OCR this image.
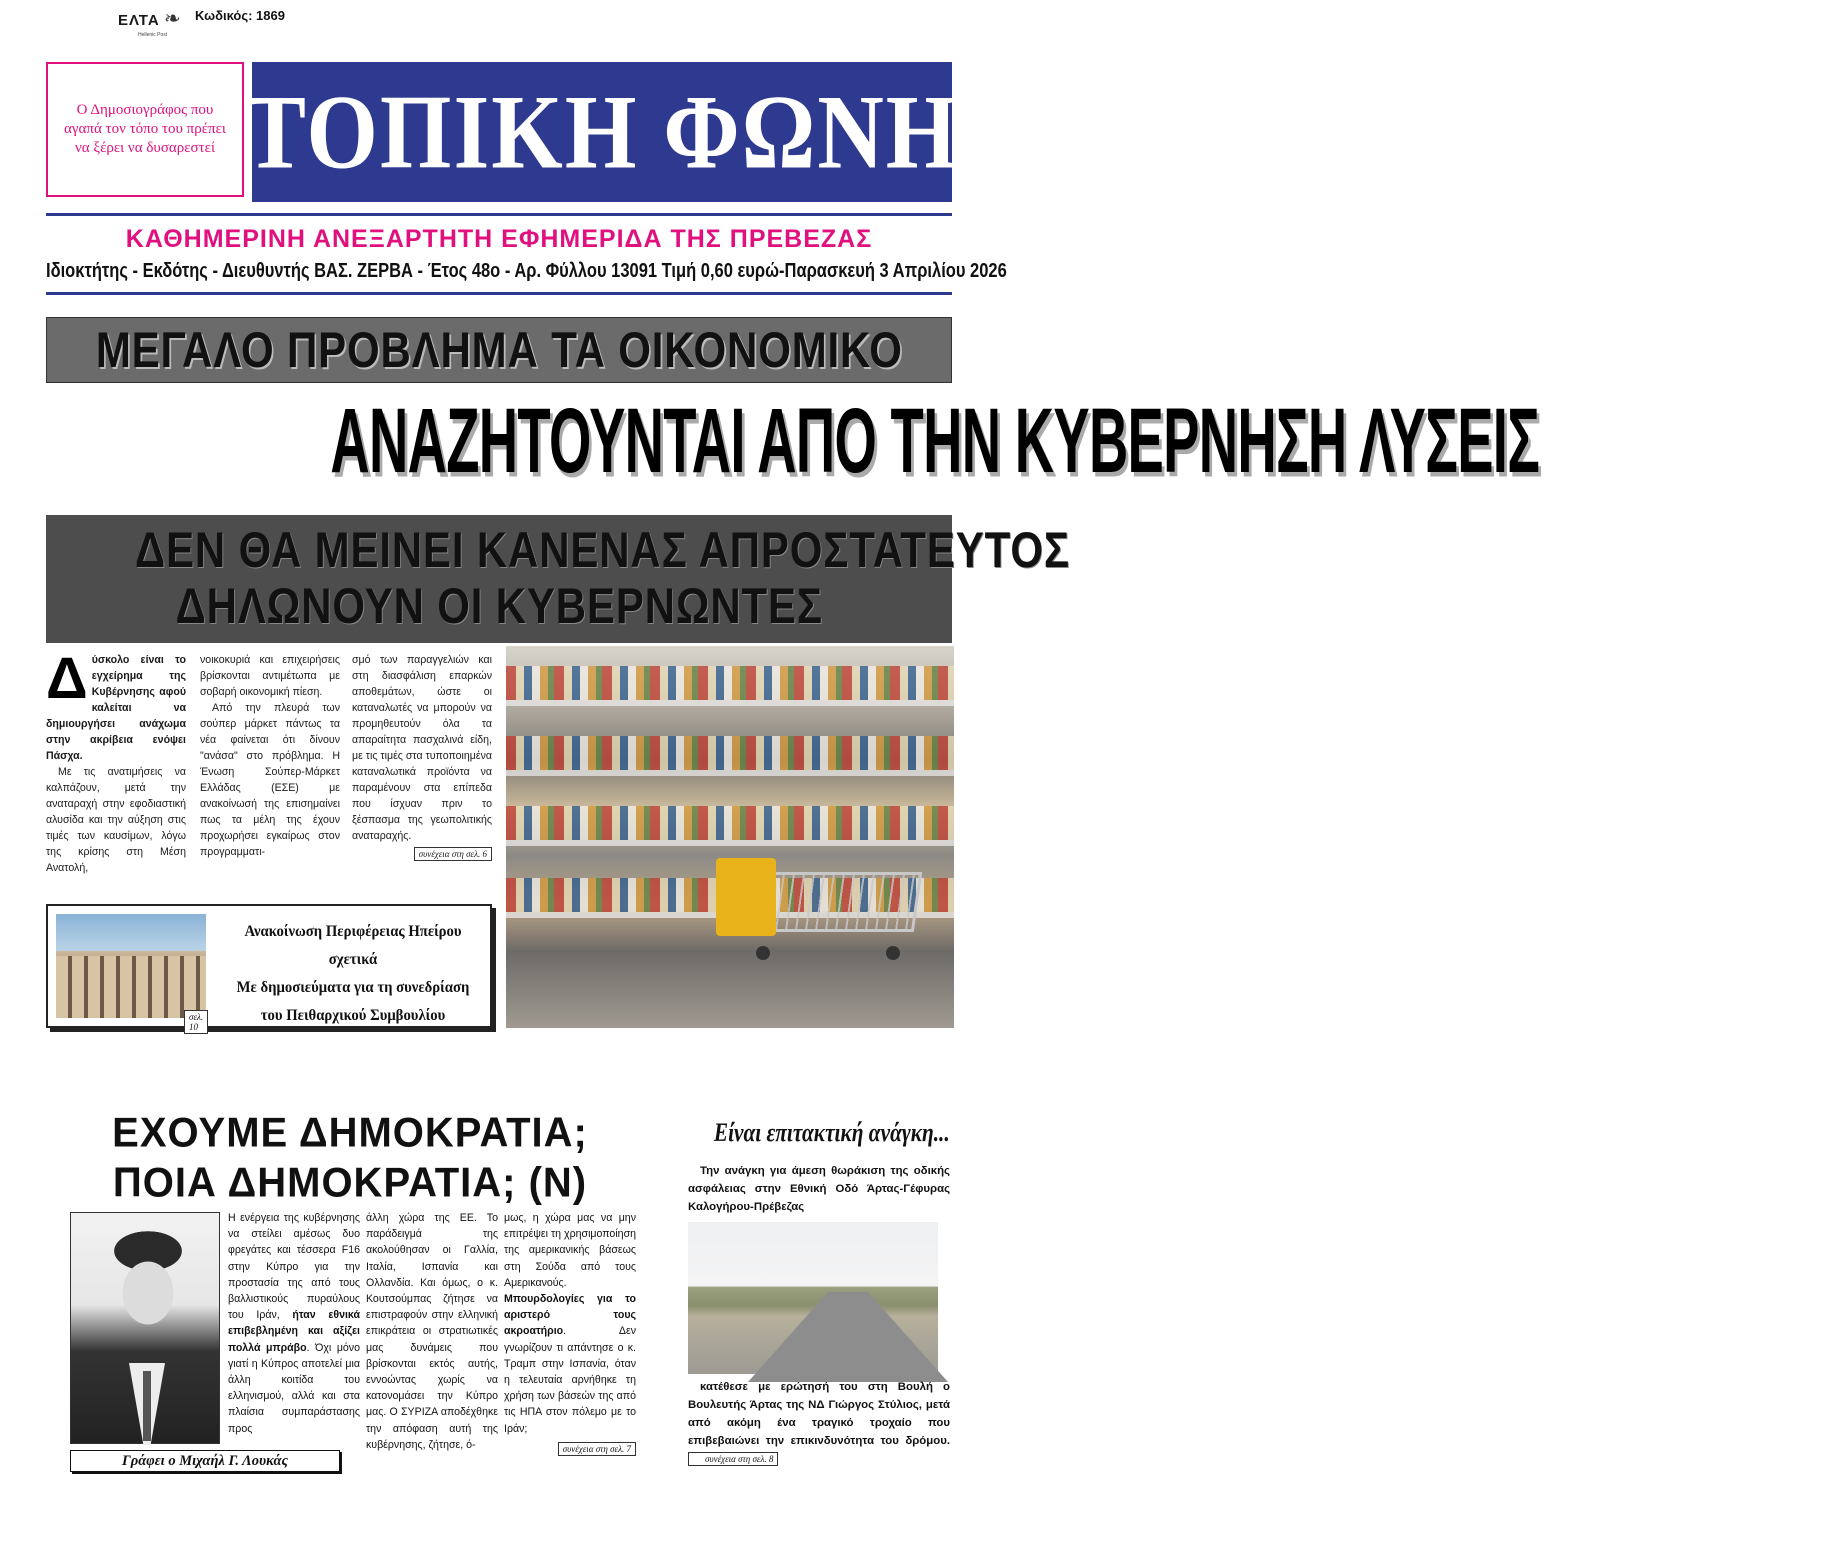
ΕΛΤΑ ❧
Hellenic Post
Κωδικός: 1869
Ο Δημοσιογράφος που αγαπά τον τόπο του πρέπει να ξέρει να δυσαρεστεί ΤΟΠΙΚΗ ΦΩΝΗ
ΚΑΘΗΜΕΡΙΝΗ ΑΝΕΞΑΡΤΗΤΗ ΕΦΗΜΕΡΙΔΑ ΤΗΣ ΠΡΕΒΕΖΑΣ
Ιδιοκτήτης - Εκδότης - Διευθυντής ΒΑΣ. ΖΕΡΒΑ - Έτος 48ο - Αρ. Φύλλου 13091 Τιμή 0,60 ευρώ-Παρασκευή 3 Απριλίου 2026
ΜΕΓΑΛΟ ΠΡΟΒΛΗΜΑ ΤΑ ΟΙΚΟΝΟΜΙΚΟ
ΑΝΑΖΗΤΟΥΝΤΑΙ ΑΠΟ ΤΗΝ ΚΥΒΕΡΝΗΣΗ ΛΥΣΕΙΣ
ΔΕΝ ΘΑ ΜΕΙΝΕΙ ΚΑΝΕΝΑΣ ΑΠΡΟΣΤΑΤΕΥΤΟΣ
ΔΗΛΩΝΟΥΝ ΟΙ ΚΥΒΕΡΝΩΝΤΕΣ
Δ ύσκολο είναι το εγχείρημα της Κυβέρνησης αφού καλείται να δημιουργήσει ανάχωμα στην ακρίβεια ενόψει Πάσχα.

Με τις ανατιμήσεις να καλπάζουν, μετά την αναταραχή στην εφοδιαστική αλυσίδα και την αύξηση στις τιμές των καυσίμων, λόγω της κρίσης στη Μέση Ανατολή,

νοικοκυριά και επιχειρήσεις βρίσκονται αντιμέτωπα με σοβαρή οικονομική πίεση.

Από την πλευρά των σούπερ μάρκετ πάντως τα νέα φαίνεται ότι δίνουν "ανάσα" στο πρόβλημα. Η Ένωση Σούπερ-Μάρκετ Ελλάδας (ΕΣΕ) με ανακοίνωσή της επισημαίνει πως τα μέλη της έχουν προχωρήσει εγκαίρως στον προγραμματι-

σμό των παραγγελιών και στη διασφάλιση επαρκών αποθεμάτων, ώστε οι καταναλωτές να μπορούν να προμηθευτούν όλα τα απαραίτητα πασχαλινά είδη, με τις τιμές στα τυποποιημένα καταναλωτικά προϊόντα να παραμένουν στα επίπεδα που ίσχυαν πριν το ξέσπασμα της γεωπολιτικής αναταραχής.
συνέχεια στη σελ. 6
σελ. 10
Ανακοίνωση Περιφέρειας Ηπείρου σχετικά
Με δημοσιεύματα για τη συνεδρίαση
του Πειθαρχικού Συμβουλίου
ΕΧΟΥΜΕ ΔΗΜΟΚΡΑΤΙΑ;
ΠΟΙΑ ΔΗΜΟΚΡΑΤΙΑ; (Ν)
Γράφει ο Μιχαήλ Γ. Λουκάς
Η ενέργεια της κυβέρνησης να στείλει αμέσως δυο φρεγάτες και τέσσερα F16 στην Κύπρο για την προστασία της από τους βαλλιστικούς πυραύλους του Ιράν, ήταν εθνικά επιβεβλημένη και αξίζει πολλά μπράβο. Όχι μόνο γιατί η Κύπρος αποτελεί μια άλλη κοιτίδα του ελληνισμού, αλλά και στα πλαίσια συμπαράστασης προς
άλλη χώρα της ΕΕ. Το παράδειγμά της ακολούθησαν οι Γαλλία, Ιταλία, Ισπανία και Ολλανδία. Και όμως, ο κ. Κουτσούμπας ζήτησε να επιστραφούν στην ελληνική επικράτεια οι στρατιωτικές μας δυνάμεις που βρίσκονται εκτός αυτής, εννοώντας χωρίς να κατονομάσει την Κύπρο μας. Ο ΣΥΡΙΖΑ αποδέχθηκε την απόφαση αυτή της κυβέρνησης, ζήτησε, ό-
μως, η χώρα μας να μην επιτρέψει τη χρησιμοποίηση της αμερικανικής βάσεως στη Σούδα από τους Αμερικανούς. Μπουρδολογίες για το αριστερό τους ακροατήριο. Δεν γνωρίζουν τι απάντησε ο κ. Τραμπ στην Ισπανία, όταν η τελευταία αρνήθηκε τη χρήση των βάσεών της από τις ΗΠΑ στον πόλεμο με το Ιράν;
συνέχεια στη σελ. 7
Είναι επιτακτική ανάγκη...
Την ανάγκη για άμεση θωράκιση της οδικής ασφάλειας στην Εθνική Οδό Άρτας-Γέφυρας Καλογήρου-Πρέβεζας
κατέθεσε με ερώτησή του στη Βουλή ο Βουλευτής Άρτας της ΝΔ Γιώργος Στύλιος, μετά από ακόμη ένα τραγικό τροχαίο που επιβεβαιώνει την επικινδυνότητα του δρόμου. συνέχεια στη σελ. 8
